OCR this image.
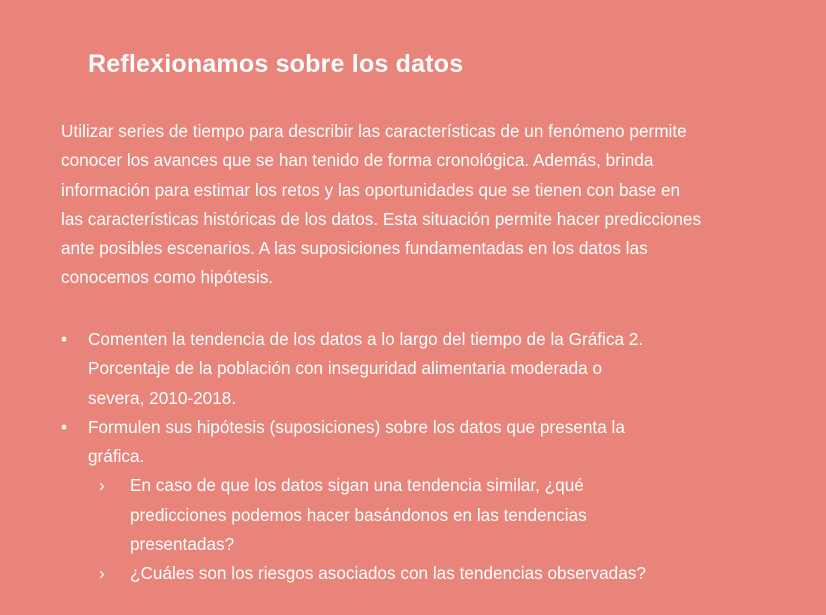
Reflexionamos sobre los datos
Utilizar series de tiempo para describir las características de un fenómeno permite
conocer los avances que se han tenido de forma cronológica. Además, brinda
información para estimar los retos y las oportunidades que se tienen con base en
las características históricas de los datos. Esta situación permite hacer predicciones
ante posibles escenarios. A las suposiciones fundamentadas en los datos las
conocemos como hipótesis.
• Comenten la tendencia de los datos a lo largo del tiempo de la Gráfica 2.
Porcentaje de la población con inseguridad alimentaria moderada o
severa, 2010-2018.
• Formulen sus hipótesis (suposiciones) sobre los datos que presenta la
gráfica.
› En caso de que los datos sigan una tendencia similar, ¿qué
predicciones podemos hacer basándonos en las tendencias
presentadas?
› ¿Cuáles son los riesgos asociados con las tendencias observadas?
